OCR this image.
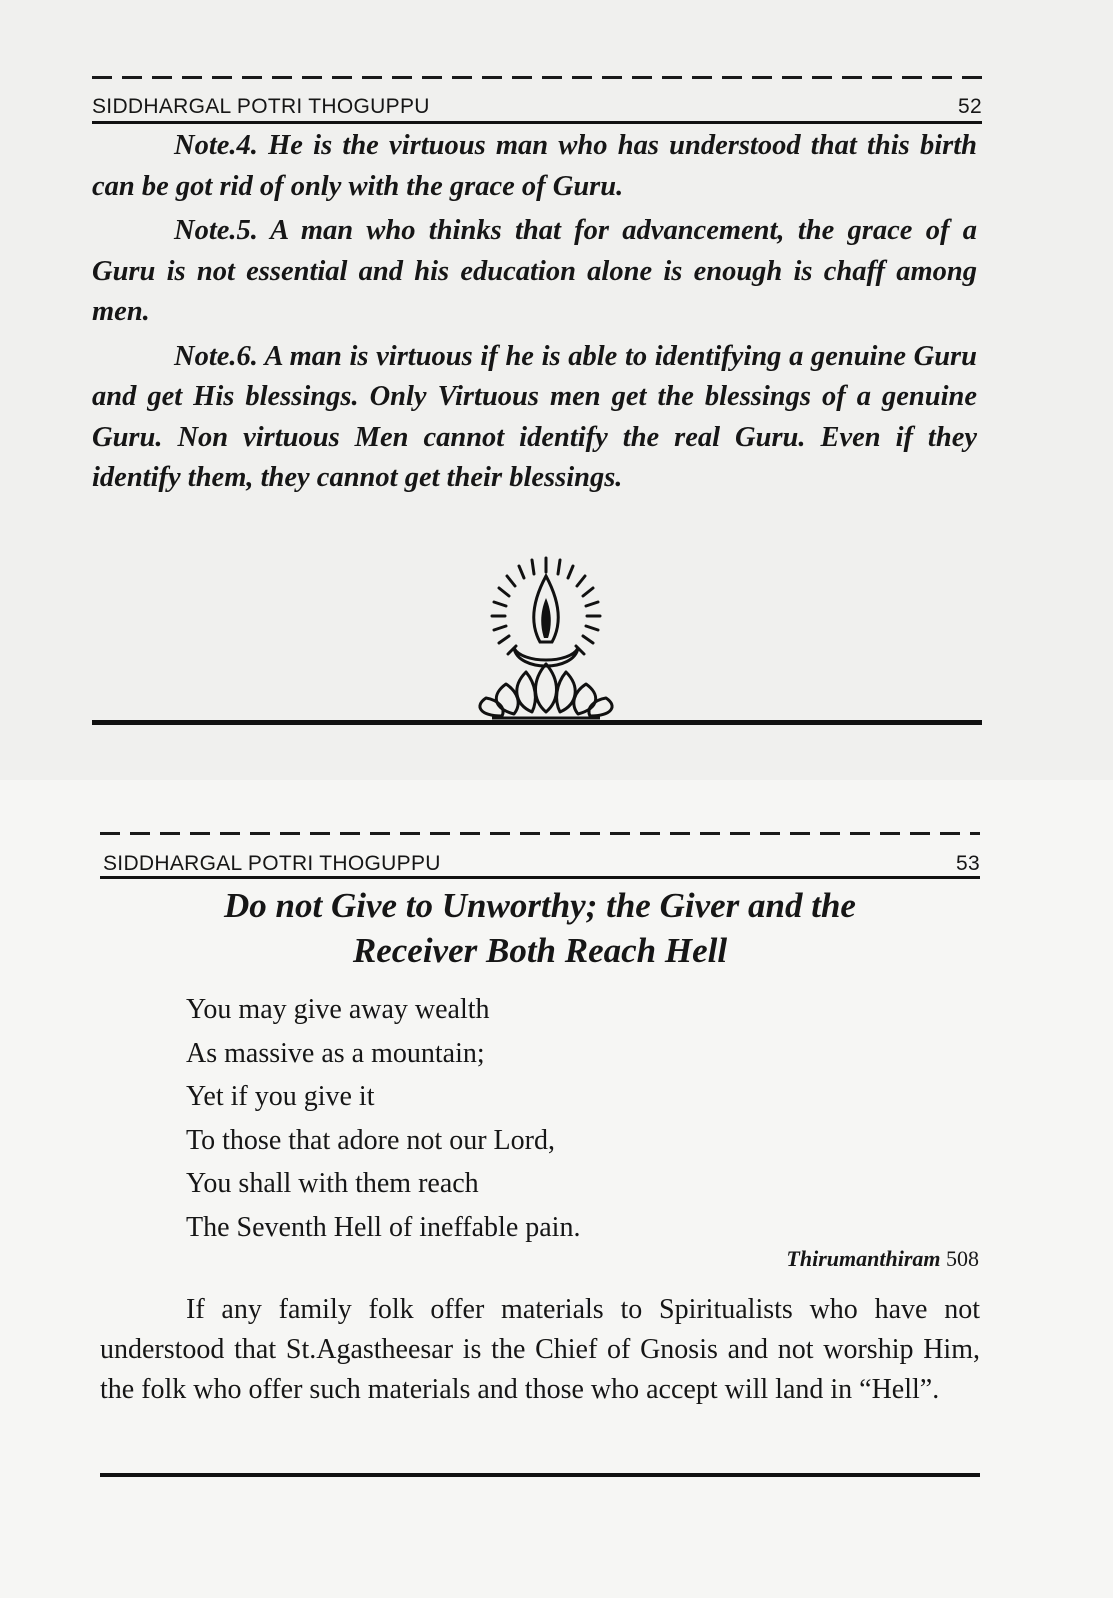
SIDDHARGAL POTRI THOGUPPU	52

Note.4. He is the virtuous man who has understood that this birth can be got rid of only with the grace of Guru.

Note.5. A man who thinks that for advancement, the grace of a Guru is not essential and his education alone is enough is chaff among men.

Note.6. A man is virtuous if he is able to identifying a genuine Guru and get His blessings. Only Virtuous men get the blessings of a genuine Guru. Non virtuous Men cannot identify the real Guru. Even if they identify them, they cannot get their blessings.

SIDDHARGAL POTRI THOGUPPU	53
Do not Give to Unworthy; the Giver and the
Receiver Both Reach Hell
You may give away wealth
As massive as a mountain;
Yet if you give it
To those that adore not our Lord,
You shall with them reach
The Seventh Hell of ineffable pain.
Thirumanthiram 508

If any family folk offer materials to Spiritualists who have not understood that St.Agastheesar is the Chief of Gnosis and not worship Him, the folk who offer such materials and those who accept will land in “Hell”.
